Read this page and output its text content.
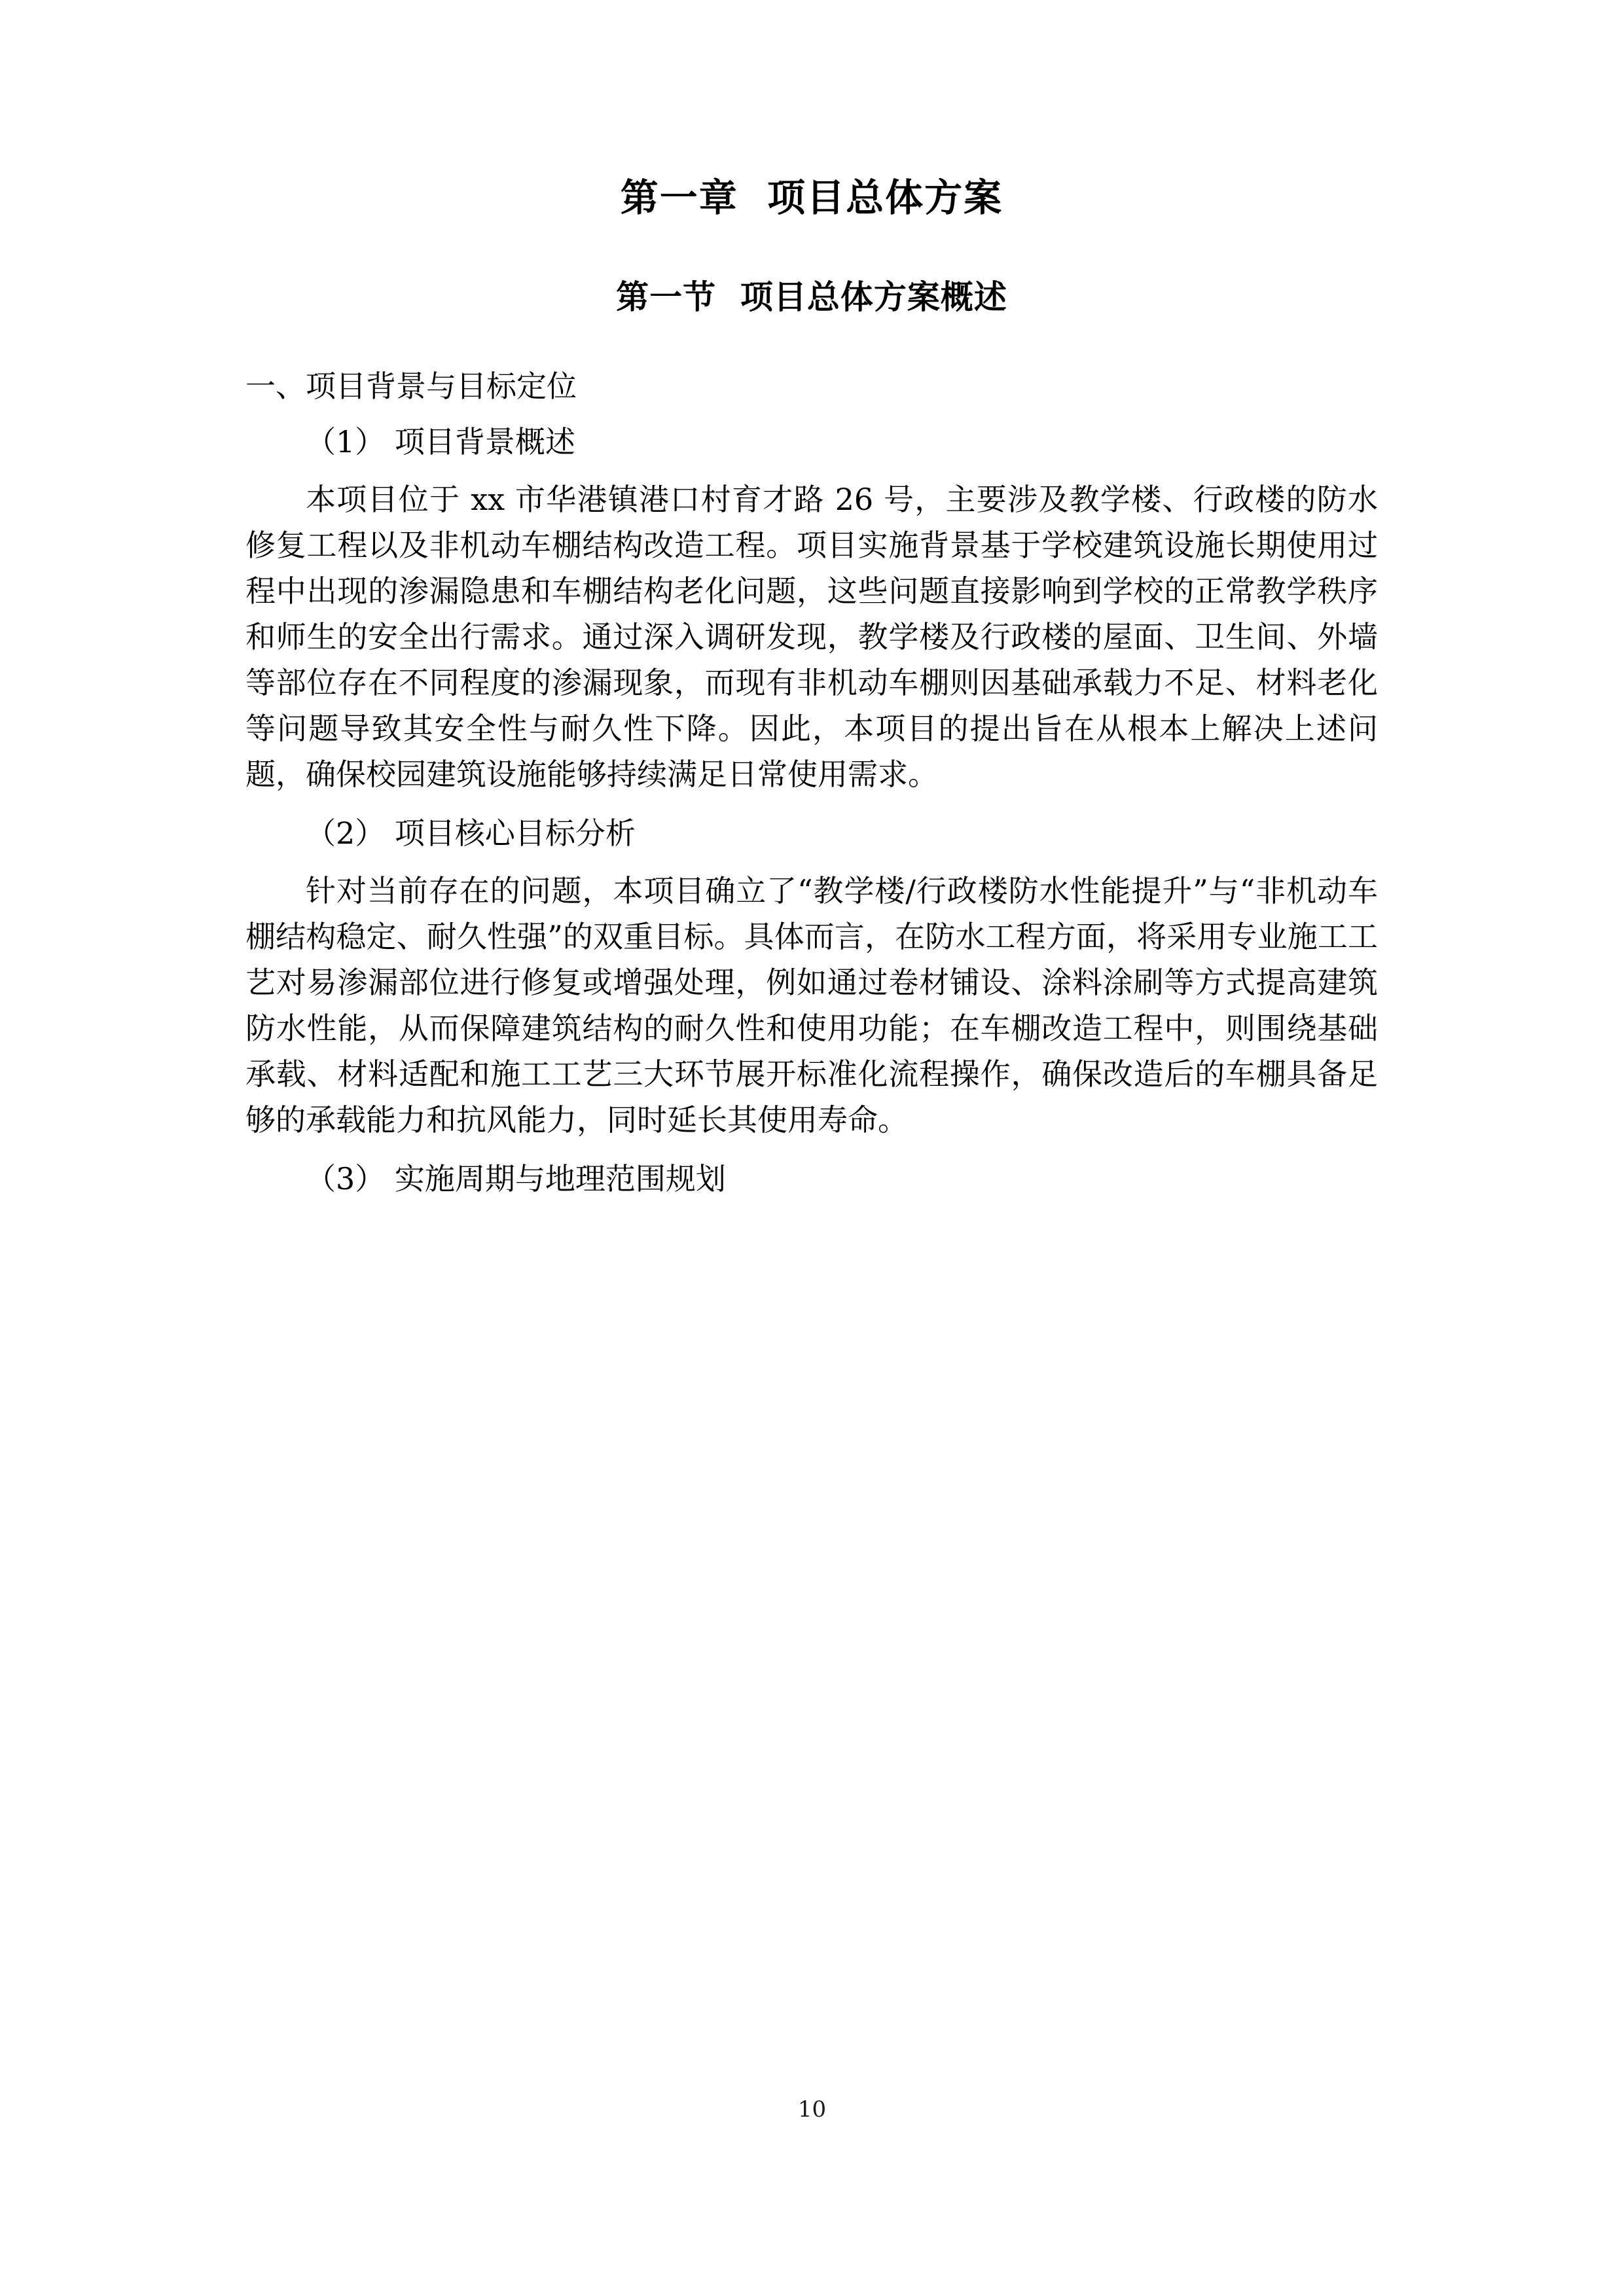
第一章  项目总体方案
第一节  项目总体方案概述

一、项目背景与目标定位

（1） 项目背景概述

本项目位于 xx 市华港镇港口村育才路 26 号，主要涉及教学楼、行政楼的防水修复工程以及非机动车棚结构改造工程。项目实施背景基于学校建筑设施长期使用过程中出现的渗漏隐患和车棚结构老化问题，这些问题直接影响到学校的正常教学秩序和师生的安全出行需求。通过深入调研发现，教学楼及行政楼的屋面、卫生间、外墙等部位存在不同程度的渗漏现象，而现有非机动车棚则因基础承载力不足、材料老化等问题导致其安全性与耐久性下降。因此，本项目的提出旨在从根本上解决上述问题，确保校园建筑设施能够持续满足日常使用需求。

（2） 项目核心目标分析

针对当前存在的问题，本项目确立了“教学楼/行政楼防水性能提升”与“非机动车棚结构稳定、耐久性强”的双重目标。具体而言，在防水工程方面，将采用专业施工工艺对易渗漏部位进行修复或增强处理，例如通过卷材铺设、涂料涂刷等方式提高建筑防水性能，从而保障建筑结构的耐久性和使用功能；在车棚改造工程中，则围绕基础承载、材料适配和施工工艺三大环节展开标准化流程操作，确保改造后的车棚具备足够的承载能力和抗风能力，同时延长其使用寿命。

（3） 实施周期与地理范围规划

10
